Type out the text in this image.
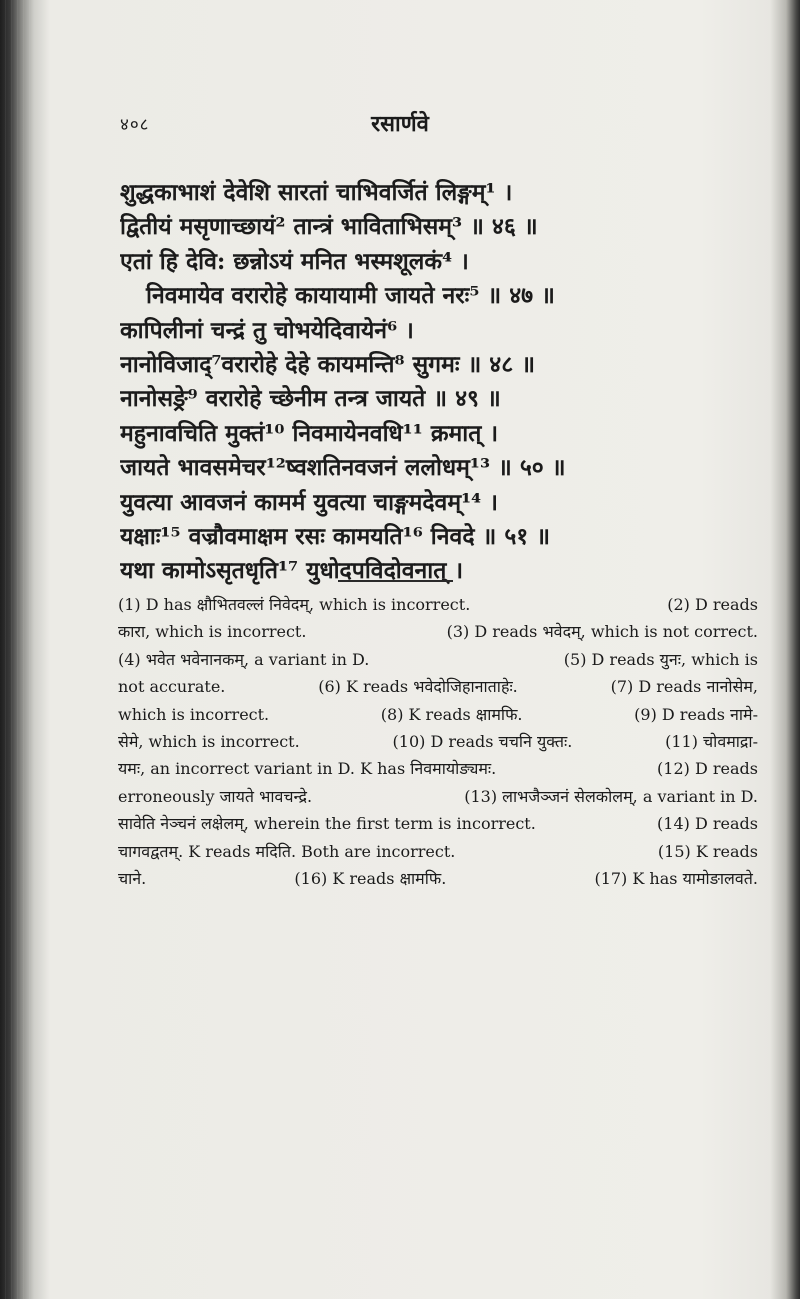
४०८	रसार्णवे
शुद्धकाभाशं देवेशि सारतां चाभिवर्जितं लिङ्गम्¹ ।
द्वितीयं मसृणाच्छायं² तान्त्रं भाविताभिसम्³ ॥ ४६ ॥
एतां हि देवि: छन्नोऽयं मनित भस्मशूलकं⁴ ।
निवमायेव वरारोहे कायायामी जायते नरः⁵ ॥ ४७ ॥
कापिलीनां चन्द्रं तु चोभयेदिवायेनं⁶ ।
नानोविजाद्⁷वरारोहे देहे कायमन्ति⁸ सुगमः ॥ ४८ ॥
नानोसङ्रे⁹ वरारोहे च्छेनीम तन्त्र जायते ॥ ४९ ॥
महुनावचिति मुक्तं¹⁰ निवमायेनवधि¹¹ क्रमात् ।
जायते भावसमेचर¹²ष्वशतिनवजनं ललोधम्¹³ ॥ ५० ॥
युवत्या आवजनं कामर्म युवत्या चाङ्गमदेवम्¹⁴ ।
यक्षाः¹⁵ वज्रौवमाक्षम रसः कामयति¹⁶ निवदे ॥ ५१ ॥
यथा कामोऽसृतधृति¹⁷ युधोदपविदोवनात् ।
(1) D has क्षौभितवल्लं निवेदम्, which is incorrect.	(2) D reads
कारा, which is incorrect.	(3) D reads भवेदम्, which is not correct.
(4) भवेत भवेनानकम्, a variant in D.	(5) D reads युनः, which is
not accurate.	(6) K reads भवेदोजिहानाताहेः.	(7) D reads नानोसेम,
which is incorrect.	(8) K reads क्षामफि.	(9) D reads नामे-
सेमे, which is incorrect.	(10) D reads चचनि युक्तः.	(11) चोवमाद्रा-
यमः, an incorrect variant in D. K has निवमायोङ्यमः.	(12) D reads
erroneously जायते भावचन्द्रे.	(13) लाभजैञ्जनं सेलकोलम्, a variant in D.
सावेति नेञ्चनं लक्षेलम्, wherein the first term is incorrect.	(14) D reads
चागवद्वतम्. K reads मदिति. Both are incorrect.	(15) K reads
चाने.	(16) K reads क्षामफि.	(17) K has यामोङालवते.
